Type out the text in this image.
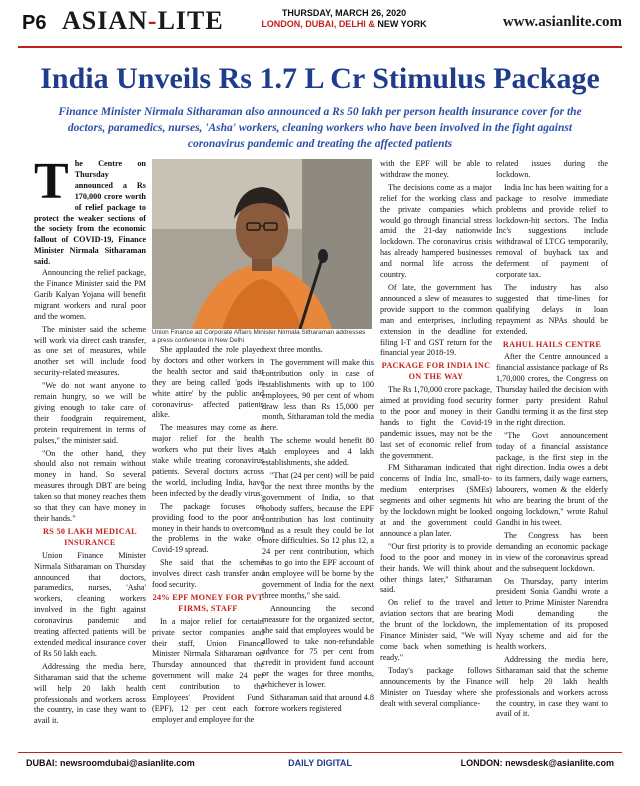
P6 ASIAN-LITE	THURSDAY, MARCH 26, 2020
LONDON, DUBAI, DELHI & NEW YORK	www.asianlite.com
India Unveils Rs 1.7 L Cr Stimulus Package
Finance Minister Nirmala Sitharaman also announced a Rs 50 lakh per person health insurance cover for the doctors, paramedics, nurses, 'Asha' workers, cleaning workers who have been involved in the fight against coronavirus pandemic and treating the affected patients
The Centre on Thursday announced a Rs 170,000 crore worth of relief package to protect the weaker sections of the society from the economic fallout of COVID-19, Finance Minister Nirmala Sitharaman said.

Announcing the relief package, the Finance Minister said the PM Garib Kalyan Yojana will benefit migrant workers and rural poor and the women.

The minister said the scheme will work via direct cash transfer, as one set of measures, while another set will include food security-related measures.

"We do not want anyone to remain hungry, so we will be giving enough to take care of their foodgrain requirement, protein requirement in terms of pulses," the minister said.

"On the other hand, they should also not remain without money in hand. So several measures through DBT are being taken so that money reaches them so that they can have money in their hands."

RS 50 LAKH MEDICAL INSURANCE

Union Finance Minister Nirmala Sitharaman on Thursday announced that doctors, paramedics, nurses, 'Asha' workers, cleaning workers involved in the fight against coronavirus pandemic and treating affected patients will be extended medical insurance cover of Rs 50 lakh each.

Addressing the media here, Sitharaman said that the scheme will help 20 lakh health professionals and workers across the country, in case they want to avail it.

Union Finance ad Corporate Affairs Minister Nirmala Sitharaman addresses a press conference in New Delhi

She applauded the role played by doctors and other workers in the health sector and said that they are being called 'gods in white attire' by the public and coronavirus- affected patients alike.

The measures may come as a major relief for the health workers who put their lives at stake while treating coronavirus patients. Several doctors across the world, including India, have been infected by the deadly virus.

The package focuses on providing food to the poor and money in their hands to overcome the problems in the wake of Covid-19 spread.

She said that the scheme involves direct cash transfer and food security.

24% EPF MONEY FOR PVT FIRMS, STAFF

In a major relief for certain private sector companies and their staff, Union Finance Minister Nirmala Sitharaman on Thursday announced that the government will make 24 per cent contribution to the Employees' Provident Fund (EPF), 12 per cent each for employer and employee for the

next three months.

The government will make this contribution only in case of establishments with up to 100 employees, 90 per cent of whom draw less than Rs 15,000 per month, Sitharaman told the media here.

The scheme would benefit 80 lakh employees and 4 lakh establishments, she added.

"That (24 per cent) will be paid for the next three months by the government of India, so that nobody suffers, because the EPF contribution has lost continuity and as a result they could be lot more difficulties. So 12 plus 12, a 24 per cent contribution, which has to go into the EPF account of an employee will be borne by the government of India for the next three months," she said.

Announcing the second measure for the organized sector, she said that employees would be allowed to take non-refundable advance for 75 per cent from credit in provident fund account or the wages for three months, whichever is lower.

Sitharaman said that around 4.8 crore workers registered

with the EPF will be able to withdraw the money.

The decisions come as a major relief for the working class and the private companies which would go through financial stress amid the 21-day nationwide lockdown. The coronavirus crisis has already hampered businesses and normal life across the country.

Of late, the government has announced a slew of measures to provide support to the common man and enterprises, including extension in the deadline for filing I-T and GST return for the financial year 2018-19.

PACKAGE FOR INDIA INC ON THE WAY

The Rs 1,70,000 crore package, aimed at providing food security to the poor and money in their hands to fight the Covid-19 pandemic issues, may not be the last set of economic relief from the government.

FM Sitharaman indicated that concerns of India Inc, small-to-medium enterprises (SMEs) segments and other segments hit by the lockdown might be looked at and the government could announce a plan later.

"Our first priority is to provide food to the poor and money in their hands. We will think about other things later," Sitharaman said.

On relief to the travel and aviation sectors that are bearing the brunt of the lockdown, the Finance Minister said, "We will come back when something is ready."

Today's package follows announcements by the Finance Minister on Tuesday where she dealt with several compliance-

related issues during the lockdown.

India Inc has been waiting for a package to resolve immediate problems and provide relief to lockdown-hit sectors. The India Inc's suggestions include withdrawal of LTCG temporarily, removal of buyback tax and deferment of payment of corporate tax.

The industry has also suggested that time-lines for qualifying delays in loan repayment as NPAs should be extended.

RAHUL HAILS CENTRE

After the Centre announced a financial assistance package of Rs 1,70,000 crores, the Congress on Thursday hailed the decision with former party president Rahul Gandhi terming it as the first step in the right direction.

"The Govt announcement today of a financial assistance package, is the first step in the right direction. India owes a debt to its farmers, daily wage earners, labourers, women & the elderly who are bearing the brunt of the ongoing lockdown," wrote Rahul Gandhi in his tweet.

The Congress has been demanding an economic package in view of the coronavirus spread and the subsequent lockdown.

On Thursday, party interim president Sonia Gandhi wrote a letter to Prime Minister Narendra Modi demanding the implementation of its proposed Nyay scheme and aid for the health workers.

Addressing the media here, Sitharaman said that the scheme will help 20 lakh health professionals and workers across the country, in case they want to avail of it.

DUBAI: newsroomdubai@asianlite.com	DAILY DIGITAL	LONDON: newsdesk@asianlite.com
